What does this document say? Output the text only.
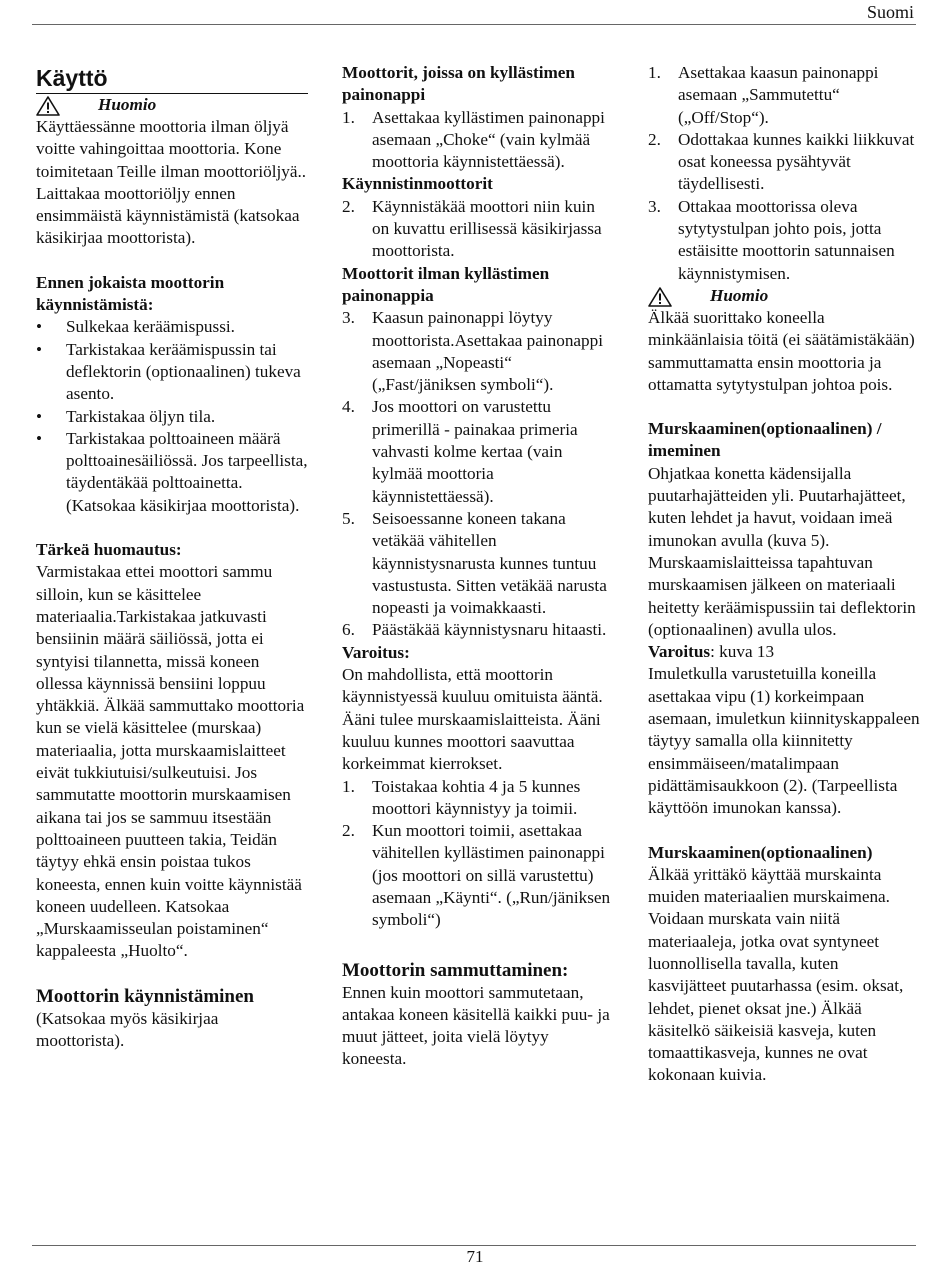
Suomi
Käyttö
Huomio
Käyttäessänne moottoria ilman öljyä voitte vahingoittaa moottoria. Kone toimitetaan Teille ilman moottoriöljyä.. Laittakaa moottoriöljy ennen ensimmäistä käynnistämistä (katsokaa käsikirjaa moottorista).
Ennen jokaista moottorin käynnistämistä:
• Sulkekaa keräämispussi.
• Tarkistakaa keräämispussin tai deflektorin (optionaalinen) tukeva asento.
• Tarkistakaa öljyn tila.
• Tarkistakaa polttoaineen määrä polttoainesäiliössä. Jos tarpeellista, täydentäkää polttoainetta. (Katsokaa käsikirjaa moottorista).
Tärkeä huomautus:
Varmistakaa ettei moottori sammu silloin, kun se käsittelee materiaalia.Tarkistakaa jatkuvasti bensiinin määrä säiliössä, jotta ei syntyisi tilannetta, missä koneen ollessa käynnissä bensiini loppuu yhtäkkiä. Älkää sammuttako moottoria kun se vielä käsittelee (murskaa) materiaalia, jotta murskaamislaitteet eivät tukkiutuisi/sulkeutuisi. Jos sammutatte moottorin murskaamisen aikana tai jos se sammuu itsestään polttoaineen puutteen takia, Teidän täytyy ehkä ensin poistaa tukos koneesta, ennen kuin voitte käynnistää koneen uudelleen. Katsokaa „Murskaamisseulan poistaminen“ kappaleesta „Huolto“.
Moottorin käynnistäminen
(Katsokaa myös käsikirjaa moottorista).
Moottorit, joissa on kyllästimen painonappi
1. Asettakaa kyllästimen painonappi asemaan „Choke“ (vain kylmää moottoria käynnistettäessä).
Käynnistinmoottorit
2. Käynnistäkää moottori niin kuin on kuvattu erillisessä käsikirjassa moottorista.
Moottorit ilman kyllästimen painonappia
3. Kaasun painonappi löytyy moottorista.Asettakaa painonappi asemaan „Nopeasti“ („Fast/jäniksen symboli“).
4. Jos moottori on varustettu primerillä - painakaa primeria vahvasti kolme kertaa (vain kylmää moottoria käynnistettäessä).
5. Seisoessanne koneen takana vetäkää vähitellen käynnistysnarusta kunnes tuntuu vastustusta. Sitten vetäkää narusta nopeasti ja voimakkaasti.
6. Päästäkää käynnistysnaru hitaasti.
Varoitus:
On mahdollista, että moottorin käynnistyessä kuuluu omituista ääntä. Ääni tulee murskaamislaitteista. Ääni kuuluu kunnes moottori saavuttaa korkeimmat kierrokset.
1. Toistakaa kohtia 4 ja 5 kunnes moottori käynnistyy ja toimii.
2. Kun moottori toimii, asettakaa vähitellen kyllästimen painonappi (jos moottori on sillä varustettu) asemaan „Käynti“. („Run/jäniksen symboli“)
Moottorin sammuttaminen:
Ennen kuin moottori sammutetaan, antakaa koneen käsitellä kaikki puu- ja muut jätteet, joita vielä löytyy koneesta.
1. Asettakaa kaasun painonappi asemaan „Sammutettu“ („Off/Stop“).
2. Odottakaa kunnes kaikki liikkuvat osat koneessa pysähtyvät täydellisesti.
3. Ottakaa moottorissa oleva sytytystulpan johto pois, jotta estäisitte moottorin satunnaisen käynnistymisen.
Huomio
Älkää suorittako koneella minkäänlaisia töitä (ei säätämistäkään) sammuttamatta ensin moottoria ja ottamatta sytytystulpan johtoa pois.
Murskaaminen(optionaalinen) / imeminen
Ohjatkaa konetta kädensijalla puutarhajätteiden yli. Puutarhajätteet, kuten lehdet ja havut, voidaan imeä imunokan avulla (kuva 5). Murskaamislaitteissa tapahtuvan murskaamisen jälkeen on materiaali heitetty keräämispussiin tai deflektorin (optionaalinen) avulla ulos.
Varoitus: kuva 13
Imuletkulla varustetuilla koneilla asettakaa vipu (1) korkeimpaan asemaan, imuletkun kiinnityskappaleen täytyy samalla olla kiinnitetty ensimmäiseen/matalimpaan pidättämisaukkoon (2). (Tarpeellista käyttöön imunokan kanssa).
Murskaaminen(optionaalinen)
Älkää yrittäkö käyttää murskainta muiden materiaalien murskaimena. Voidaan murskata vain niitä materiaaleja, jotka ovat syntyneet luonnollisella tavalla, kuten kasvijätteet puutarhassa (esim. oksat, lehdet, pienet oksat jne.) Älkää käsitelkö säikeisiä kasveja, kuten tomaattikasveja, kunnes ne ovat kokonaan kuivia.
71
